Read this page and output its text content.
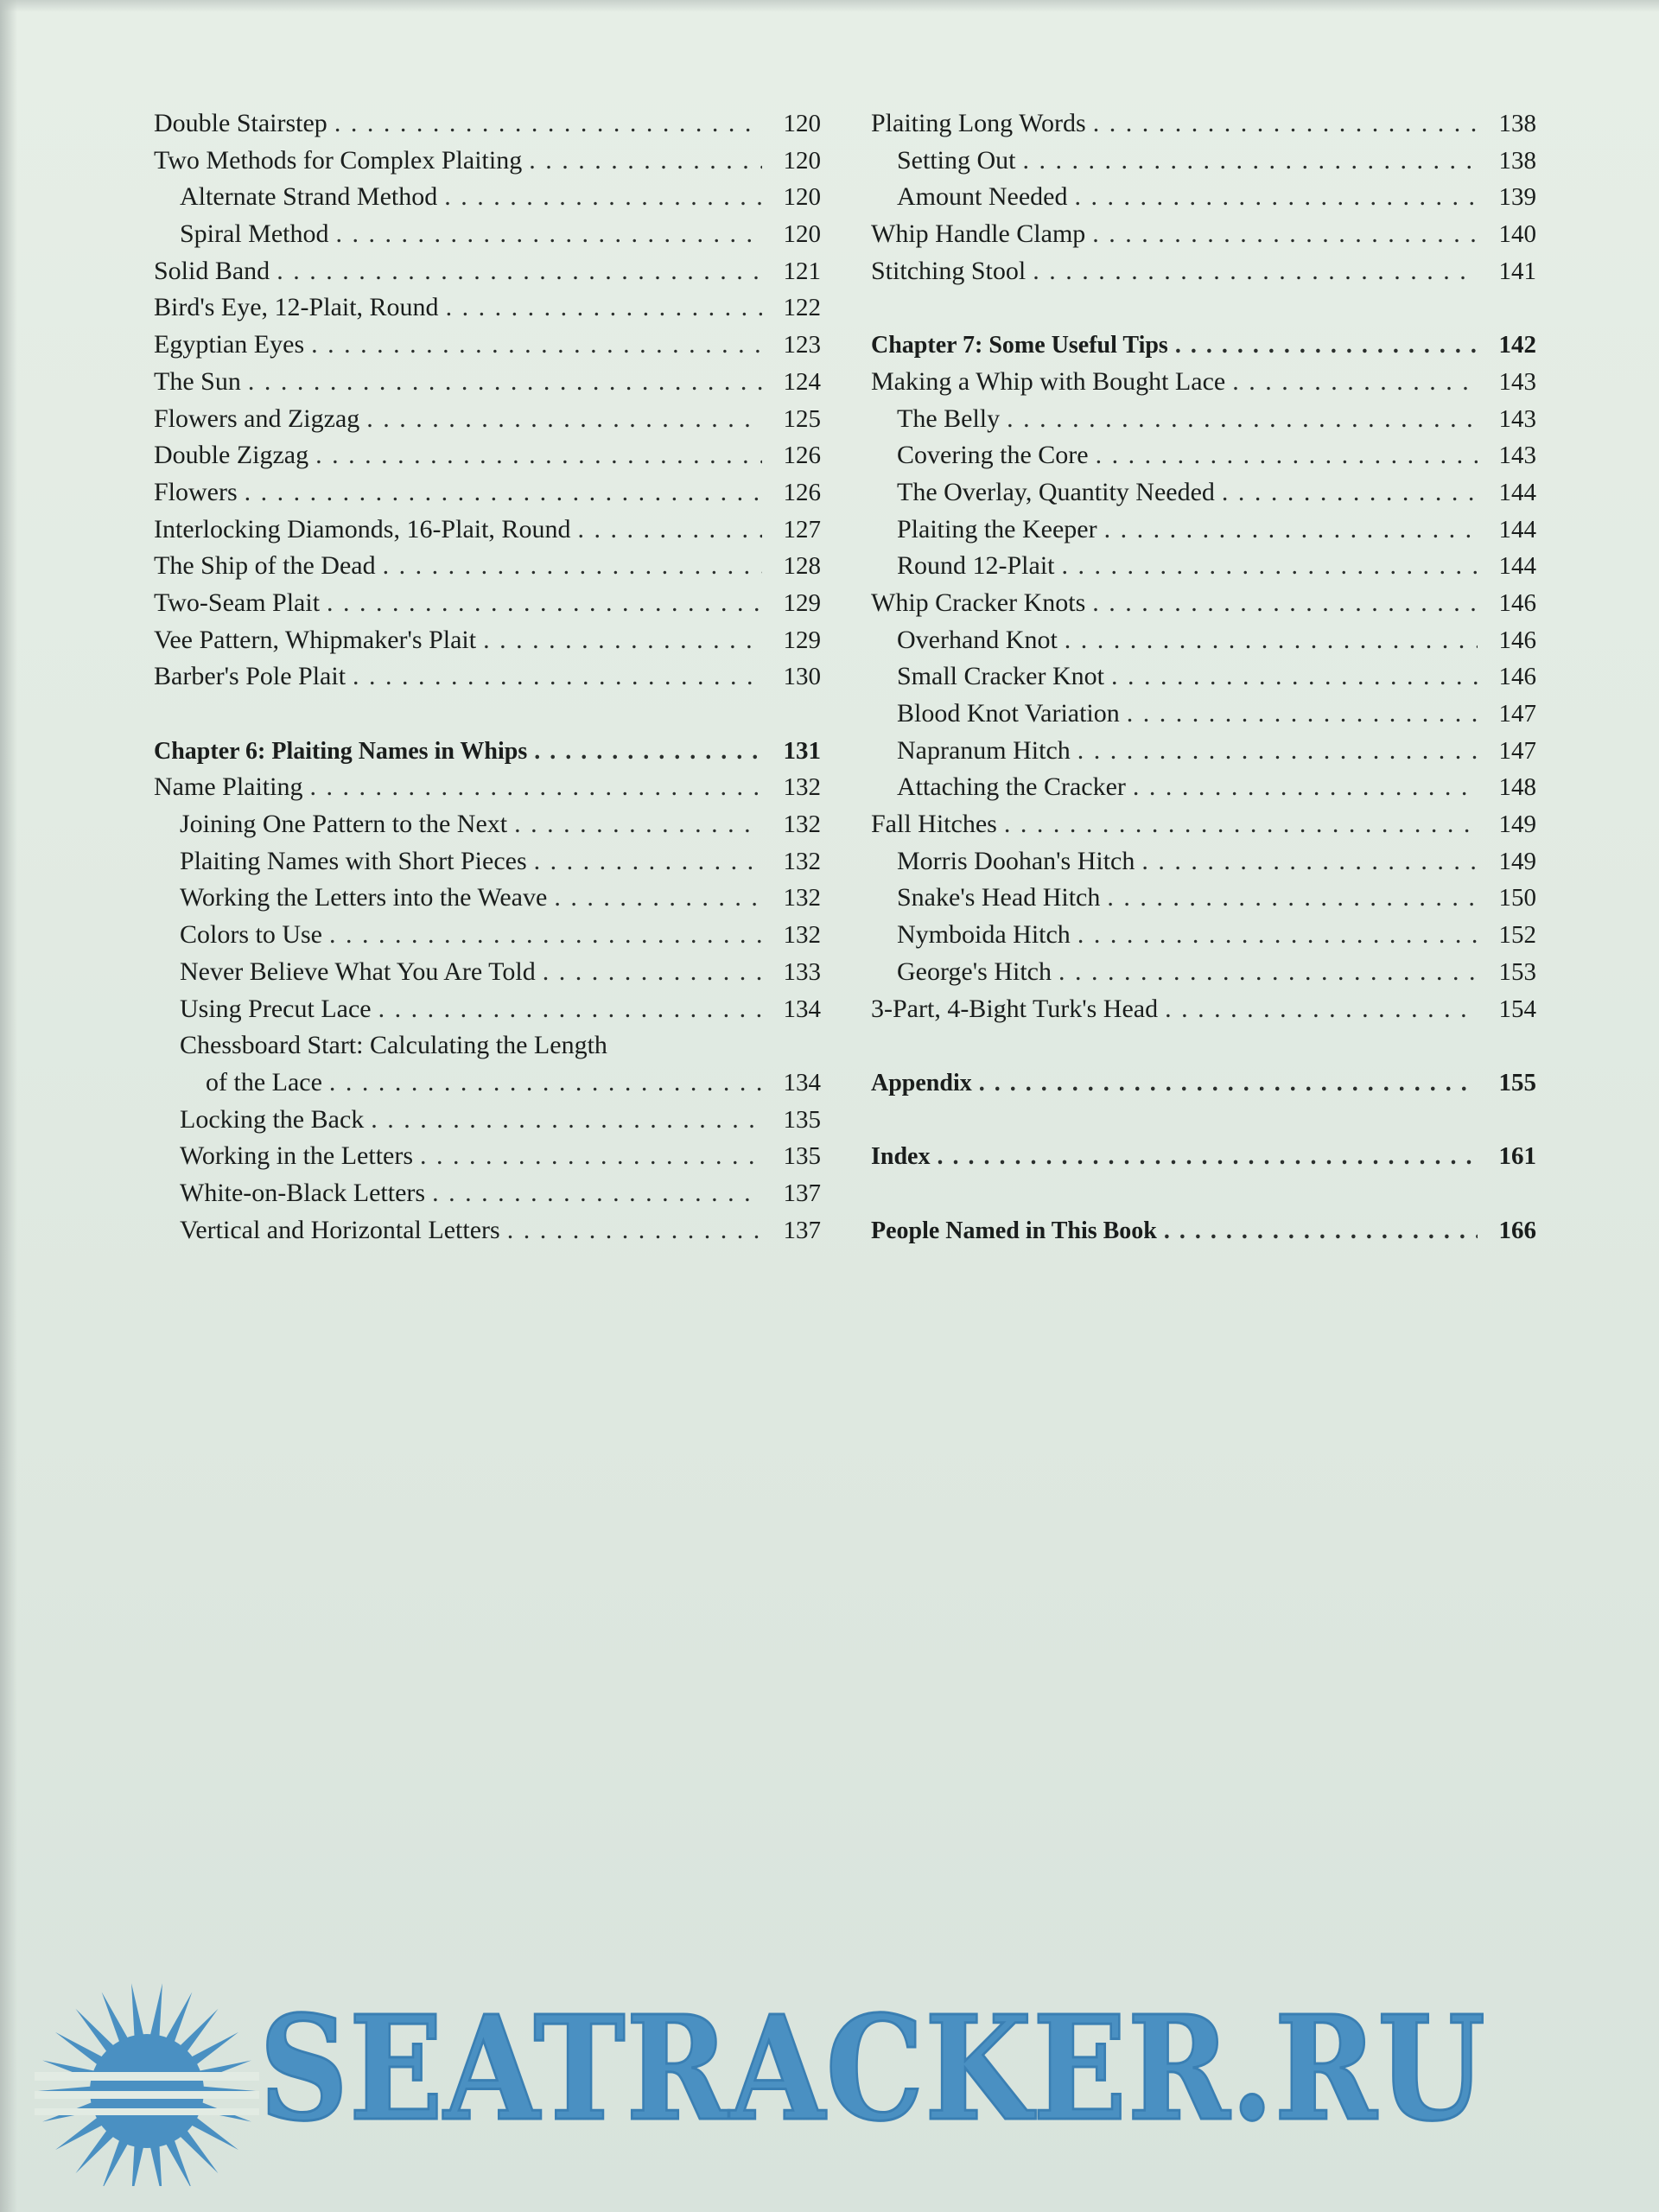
Double Stairstep . . .	120
Two Methods for Complex Plaiting . . .	120
Alternate Strand Method . . .	120
Spiral Method . . .	120
Solid Band . . .	121
Bird's Eye, 12-Plait, Round . . .	122
Egyptian Eyes . . .	123
The Sun . . .	124
Flowers and Zigzag . . .	125
Double Zigzag . . .	126
Flowers . . .	126
Interlocking Diamonds, 16-Plait, Round . . .	127
The Ship of the Dead . . .	128
Two-Seam Plait . . .	129
Vee Pattern, Whipmaker's Plait . . .	129
Barber's Pole Plait . . .	130
Chapter 6: Plaiting Names in Whips . . .	131
Name Plaiting . . .	132
Joining One Pattern to the Next . . .	132
Plaiting Names with Short Pieces . . .	132
Working the Letters into the Weave . . .	132
Colors to Use . . .	132
Never Believe What You Are Told . . .	133
Using Precut Lace . . .	134
Chessboard Start: Calculating the Length
of the Lace . . .	134
Locking the Back . . .	135
Working in the Letters . . .	135
White-on-Black Letters . . .	137
Vertical and Horizontal Letters . . .	137
Plaiting Long Words . . .	138
Setting Out . . .	138
Amount Needed . . .	139
Whip Handle Clamp . . .	140
Stitching Stool . . .	141
Chapter 7: Some Useful Tips . . .	142
Making a Whip with Bought Lace . . .	143
The Belly . . .	143
Covering the Core . . .	143
The Overlay, Quantity Needed . . .	144
Plaiting the Keeper . . .	144
Round 12-Plait . . .	144
Whip Cracker Knots . . .	146
Overhand Knot . . .	146
Small Cracker Knot . . .	146
Blood Knot Variation . . .	147
Napranum Hitch . . .	147
Attaching the Cracker . . .	148
Fall Hitches . . .	149
Morris Doohan's Hitch . . .	149
Snake's Head Hitch . . .	150
Nymboida Hitch . . .	152
George's Hitch . . .	153
3-Part, 4-Bight Turk's Head . . .	154
Appendix . . .	155
Index . . .	161
People Named in This Book . . .	166
SEATRACKER.RU
